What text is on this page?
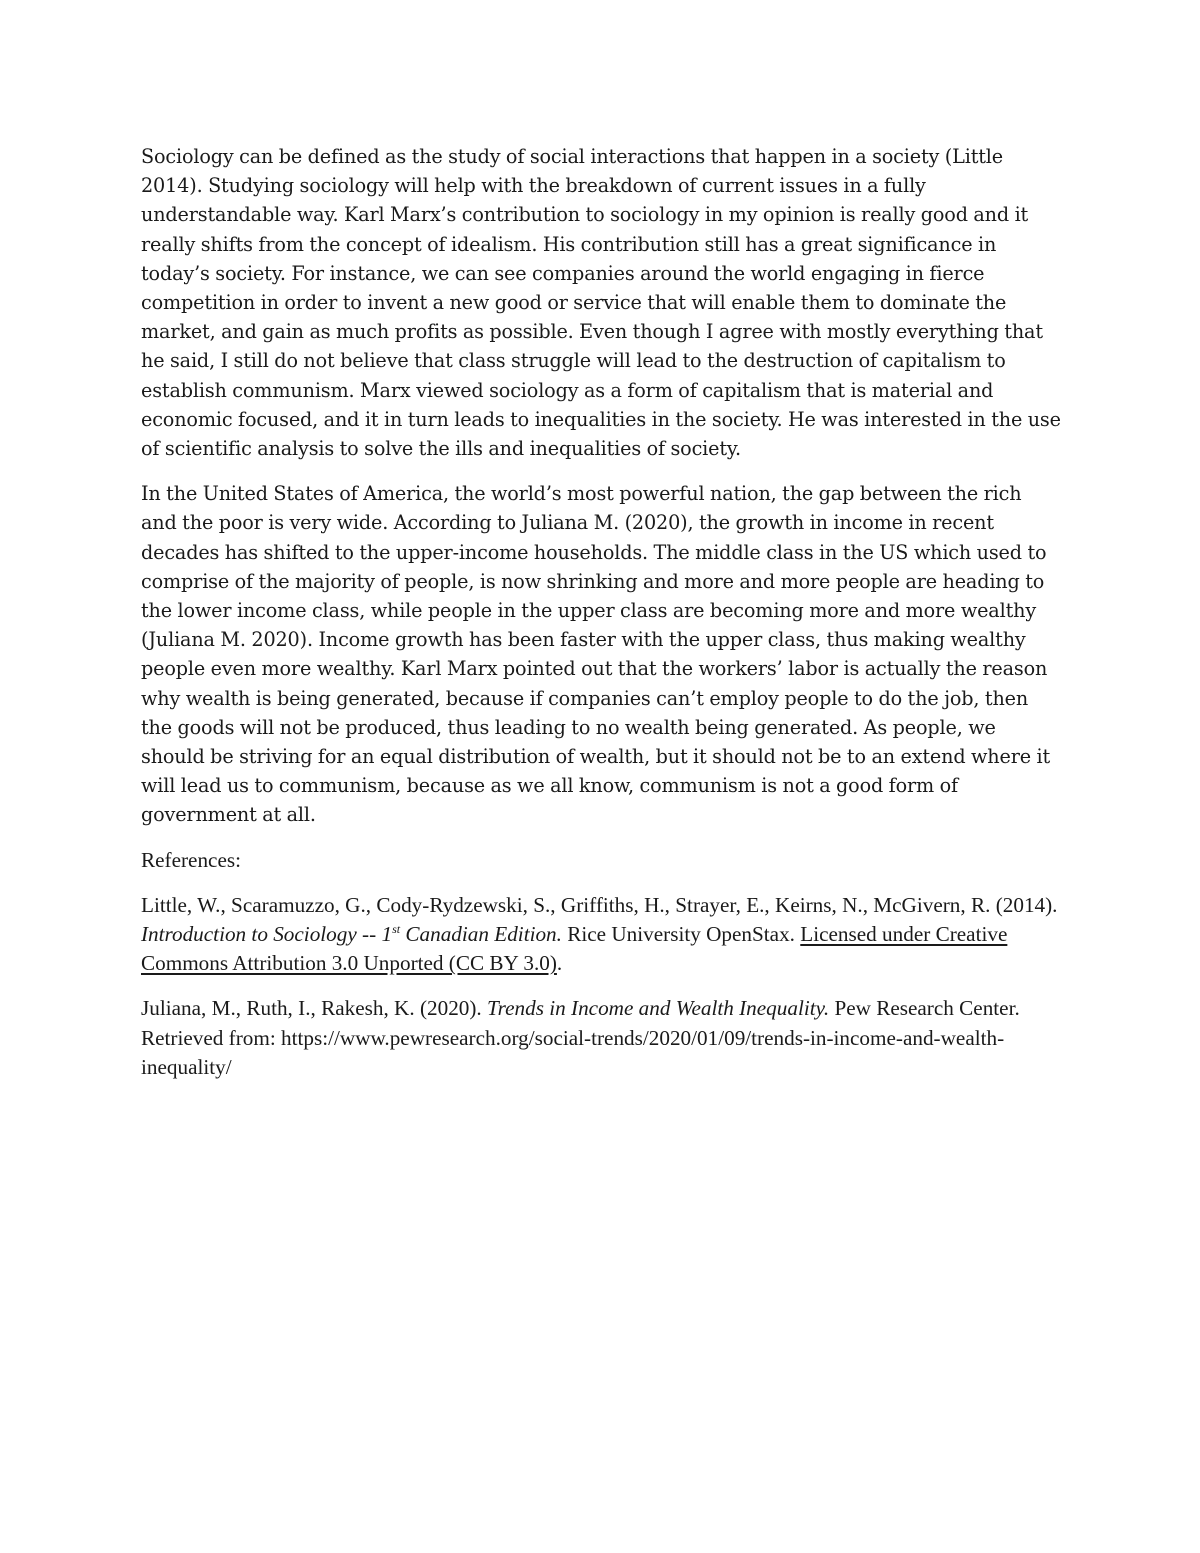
Sociology can be defined as the study of social interactions that happen in a society (Little 2014). Studying sociology will help with the breakdown of current issues in a fully understandable way. Karl Marx’s contribution to sociology in my opinion is really good and it really shifts from the concept of idealism. His contribution still has a great significance in today’s society. For instance, we can see companies around the world engaging in fierce competition in order to invent a new good or service that will enable them to dominate the market, and gain as much profits as possible. Even though I agree with mostly everything that he said, I still do not believe that class struggle will lead to the destruction of capitalism to establish communism. Marx viewed sociology as a form of capitalism that is material and economic focused, and it in turn leads to inequalities in the society. He was interested in the use of scientific analysis to solve the ills and inequalities of society.

In the United States of America, the world’s most powerful nation, the gap between the rich and the poor is very wide. According to Juliana M. (2020), the growth in income in recent decades has shifted to the upper-income households. The middle class in the US which used to comprise of the majority of people, is now shrinking and more and more people are heading to the lower income class, while people in the upper class are becoming more and more wealthy (Juliana M. 2020). Income growth has been faster with the upper class, thus making wealthy people even more wealthy. Karl Marx pointed out that the workers’ labor is actually the reason why wealth is being generated, because if companies can’t employ people to do the job, then the goods will not be produced, thus leading to no wealth being generated. As people, we should be striving for an equal distribution of wealth, but it should not be to an extend where it will lead us to communism, because as we all know, communism is not a good form of government at all.

References:

Little, W., Scaramuzzo, G., Cody-Rydzewski, S., Griffiths, H., Strayer, E., Keirns, N., McGivern, R. (2014). Introduction to Sociology -- 1st Canadian Edition. Rice University OpenStax. Licensed under Creative Commons Attribution 3.0 Unported (CC BY 3.0).

Juliana, M., Ruth, I., Rakesh, K. (2020). Trends in Income and Wealth Inequality. Pew Research Center. Retrieved from: https://www.pewresearch.org/social-trends/2020/01/09/trends-in-income-and-wealth-inequality/
